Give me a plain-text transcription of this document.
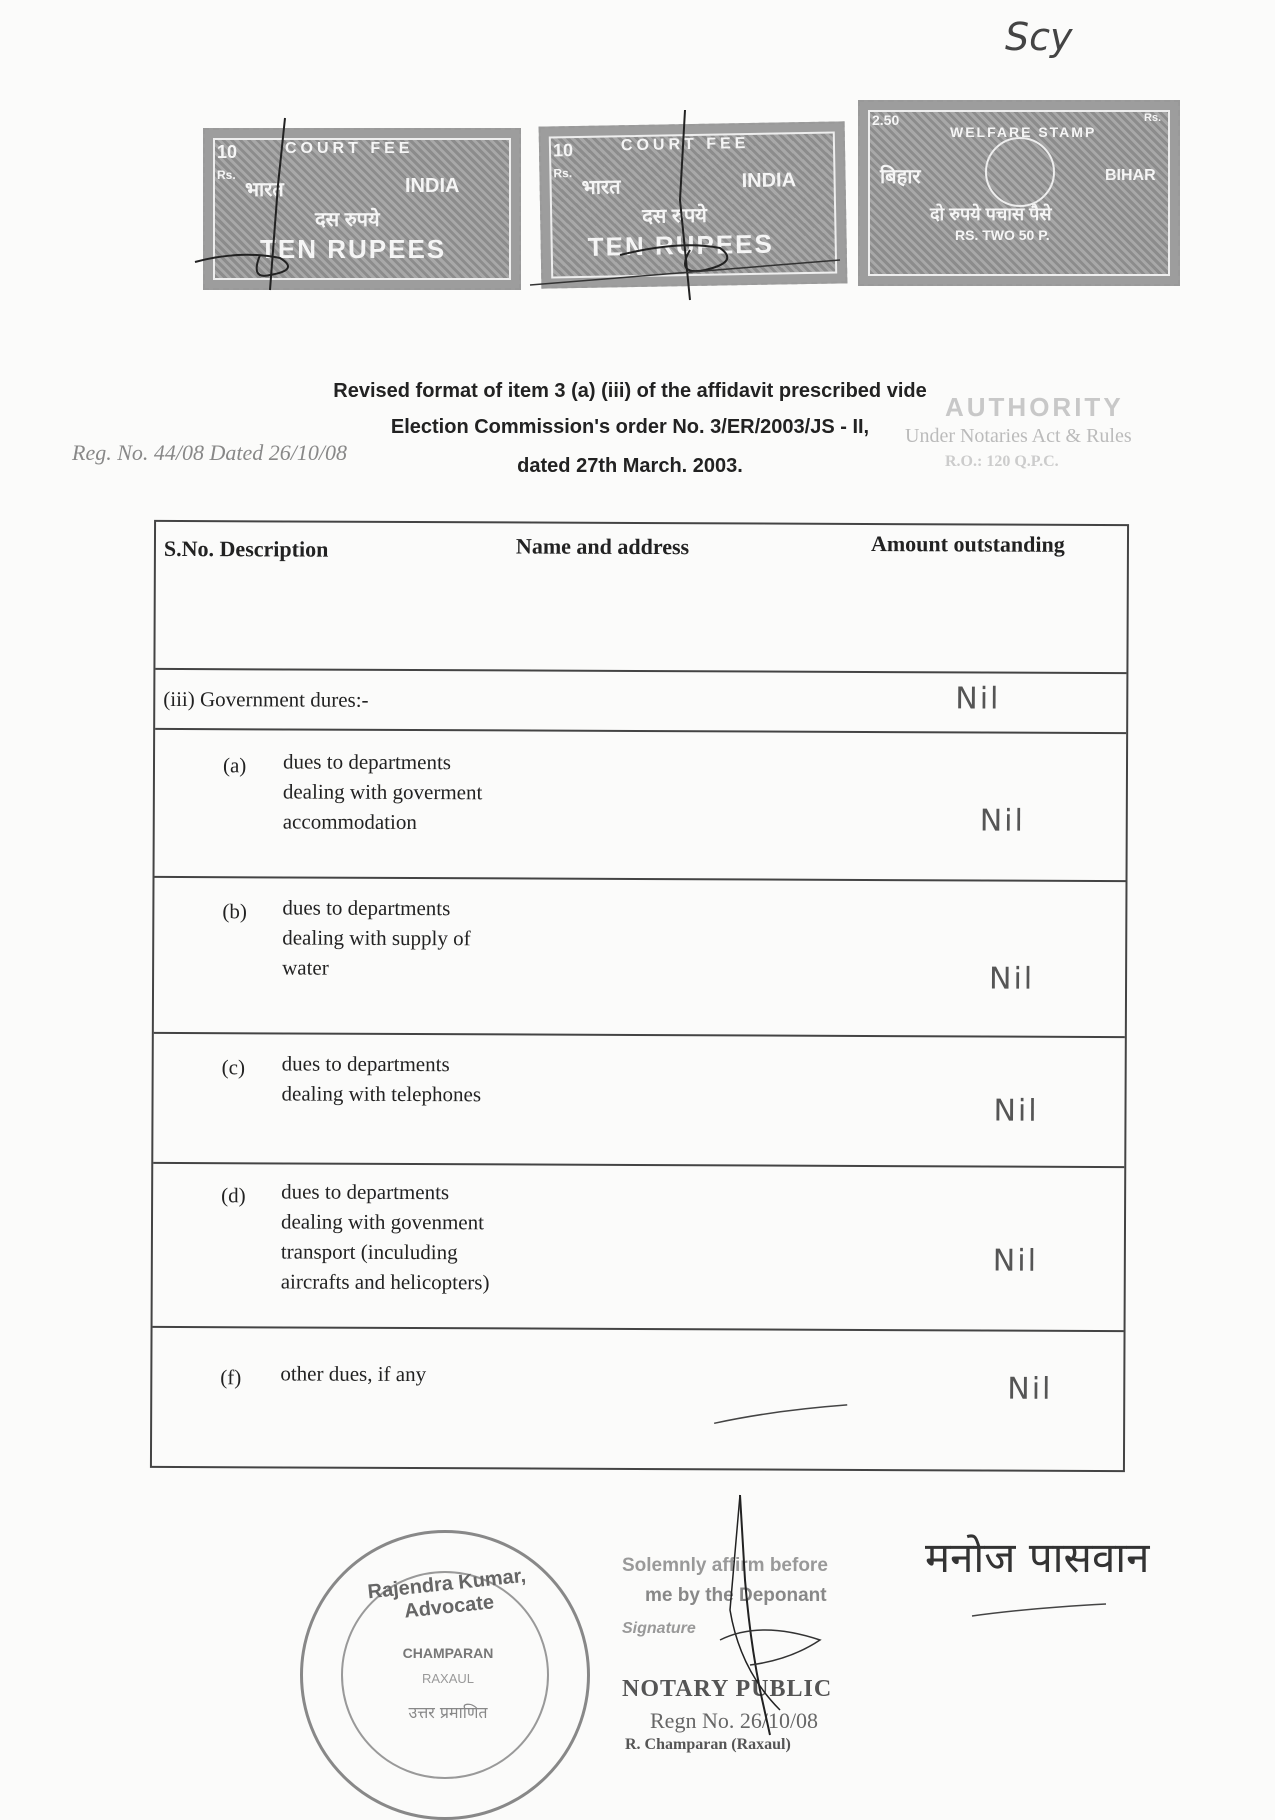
Scy
10
Rs.
COURT FEE
भारत	INDIA
दस रुपये
TEN RUPEES
10
Rs.
COURT FEE
भारत	INDIA
दस रुपये
TEN RUPEES
2.50
WELFARE STAMP
बिहार	BIHAR
दो रुपये पचास पैसे
RS. TWO 50 P.
Rs.
Revised format of item 3 (a) (iii) of the affidavit prescribed vide
Election Commission's order No. 3/ER/2003/JS - II,
dated 27th March. 2003.
Reg. No. 44/08 Dated 26/10/08
AUTHORITY
Under Notaries Act & Rules
R.O.: 120 Q.P.C.
S.No. Description	Name and address	Amount outstanding
(iii) Government dures:-	Nil
(a) dues to departments
dealing with goverment
accommodation	Nil
(b) dues to departments
dealing with supply of
water	Nil
(c) dues to departments
dealing with telephones	Nil
(d) dues to departments
dealing with govenment
transport (inculuding
aircrafts and helicopters)
Nil
(f) other dues, if any	Nil
Rajendra Kumar, Advocate
CHAMPARAN
RAXAUL
उत्तर प्रमाणित
Solemnly affirm before
me by the Deponant
Signature
NOTARY PUBLIC
Regn No. 26/10/08
R. Champaran (Raxaul)
मनोज पासवान
